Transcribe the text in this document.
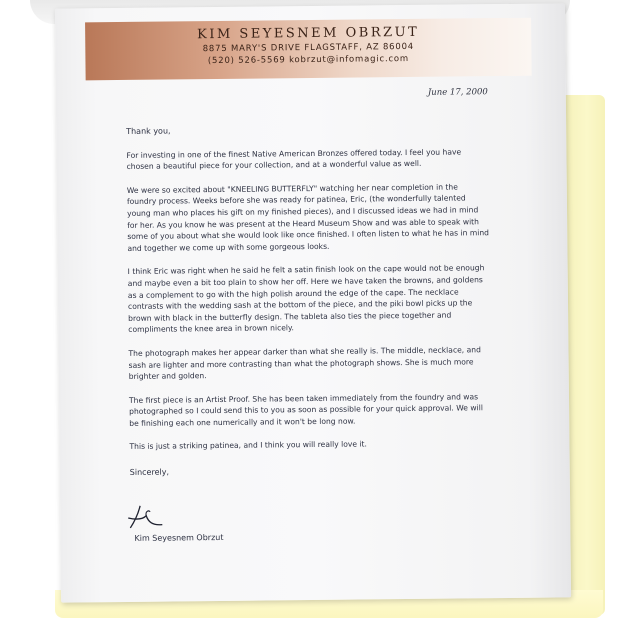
KIM SEYESNEM OBRZUT
8875 MARY'S DRIVE FLAGSTAFF, AZ 86004
(520) 526-5569 kobrzut@infomagic.com
June 17, 2000

Thank you,

For investing in one of the finest Native American Bronzes offered today. I feel you have chosen a beautiful piece for your collection, and at a wonderful value as well.

We were so excited about "KNEELING BUTTERFLY" watching her near completion in the foundry process. Weeks before she was ready for patinea, Eric, (the wonderfully talented young man who places his gift on my finished pieces), and I discussed ideas we had in mind for her. As you know he was present at the Heard Museum Show and was able to speak with some of you about what she would look like once finished. I often listen to what he has in mind and together we come up with some gorgeous looks.

I think Eric was right when he said he felt a satin finish look on the cape would not be enough and maybe even a bit too plain to show her off. Here we have taken the browns, and goldens as a complement to go with the high polish around the edge of the cape. The necklace contrasts with the wedding sash at the bottom of the piece, and the piki bowl picks up the brown with black in the butterfly design. The tableta also ties the piece together and compliments the knee area in brown nicely.

The photograph makes her appear darker than what she really is. The middle, necklace, and sash are lighter and more contrasting than what the photograph shows. She is much more brighter and golden.

The first piece is an Artist Proof. She has been taken immediately from the foundry and was photographed so I could send this to you as soon as possible for your quick approval. We will be finishing each one numerically and it won't be long now.

This is just a striking patinea, and I think you will really love it.

Sincerely,
Kim Seyesnem Obrzut
